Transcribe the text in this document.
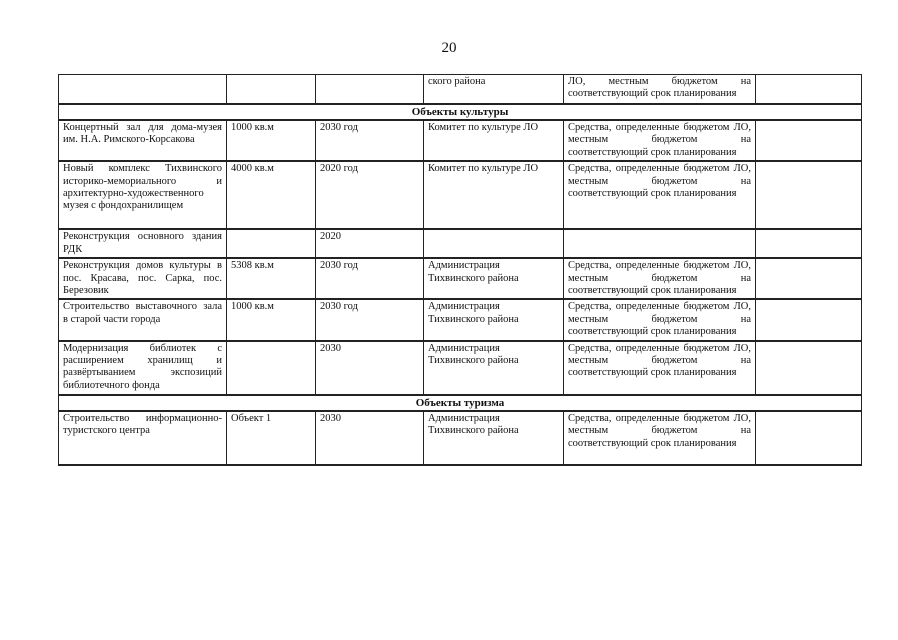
20
			ского района	ЛО, местным бюджетом на соответствующий срок планирования	
Объекты культуры					
Концертный зал для дома-музея им. Н.А. Римского-Корсакова	1000 кв.м	2030 год	Комитет по культуре ЛО	Средства, определенные бюджетом ЛО, местным бюджетом на соответствующий срок планирования	
Новый комплекс Тихвинского историко-мемориального и архитектурно-художественного музея с фондохранилищем	4000 кв.м	2020 год	Комитет по культуре ЛО	Средства, определенные бюджетом ЛО, местным бюджетом на соответствующий срок планирования	
Реконструкция основного здания РДК		2020			
Реконструкция домов культуры в пос. Красава, пос. Сарка, пос. Березовик	5308 кв.м	2030 год	Администрация Тихвинского района	Средства, определенные бюджетом ЛО, местным бюджетом на соответствующий срок планирования	
Строительство выставочного зала в старой части города	1000 кв.м	2030 год	Администрация Тихвинского района	Средства, определенные бюджетом ЛО, местным бюджетом на соответствующий срок планирования	
Модернизация библиотек с расширением хранилищ и развёртыванием экспозиций библиотечного фонда		2030	Администрация Тихвинского района	Средства, определенные бюджетом ЛО, местным бюджетом на соответствующий срок планирования	
Объекты туризма					
Строительство информационно-туристского центра	Объект 1	2030	Администрация Тихвинского района	Средства, определенные бюджетом ЛО, местным бюджетом на соответствующий срок планирования	
